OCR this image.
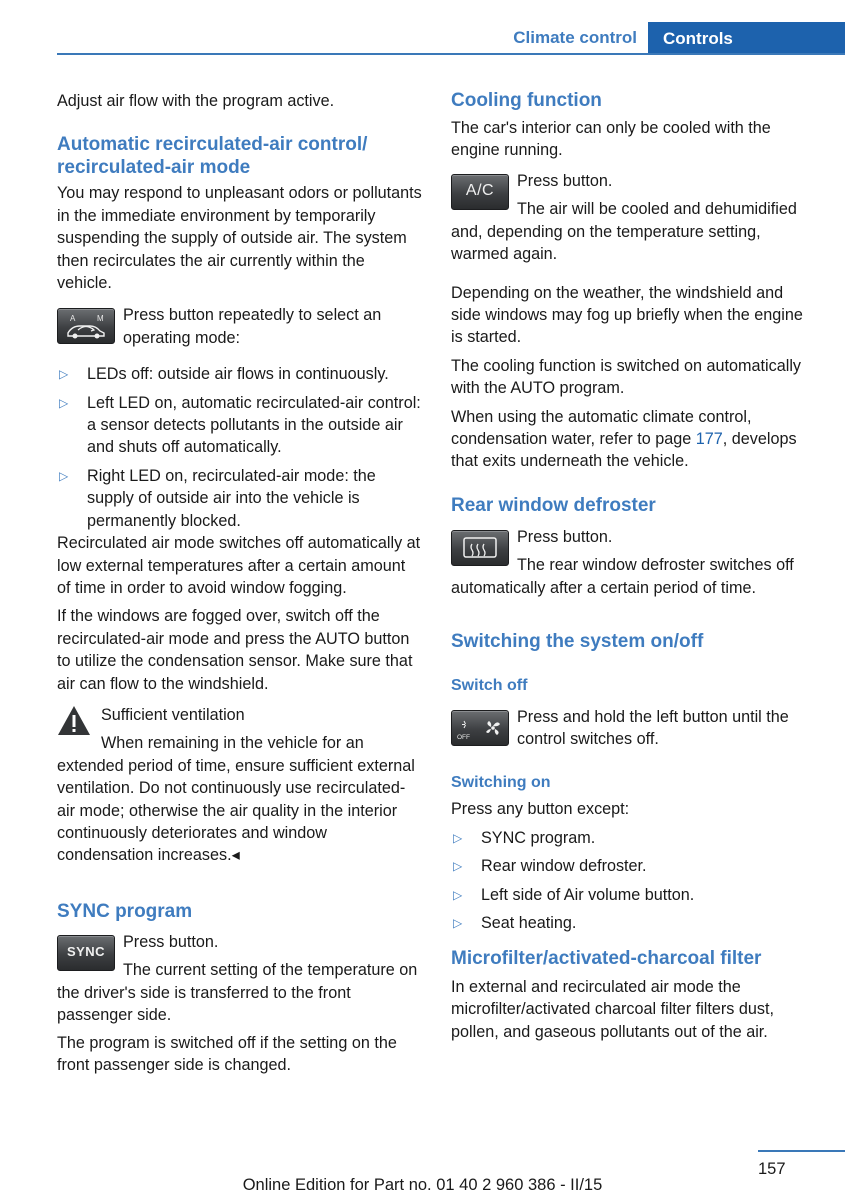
Climate control	Controls

Adjust air flow with the program active.

Automatic recirculated-air control/
recirculated-air mode

You may respond to unpleasant odors or pollutants in the immediate environment by temporarily suspending the supply of outside air. The system then recirculates the air currently within the vehicle.

A	M	Press button repeatedly to select an operating mode:
▷ LEDs off: outside air flows in continuously.
▷ Left LED on, automatic recirculated-air control: a sensor detects pollutants in the outside air and shuts off automatically.
▷ Right LED on, recirculated-air mode: the supply of outside air into the vehicle is permanently blocked.

Recirculated air mode switches off automatically at low external temperatures after a certain amount of time in order to avoid window fogging.

If the windows are fogged over, switch off the recirculated-air mode and press the AUTO button to utilize the condensation sensor. Make sure that air can flow to the windshield.

Sufficient ventilation

When remaining in the vehicle for an extended period of time, ensure sufficient external ventilation. Do not continuously use recirculated-air mode; otherwise the air quality in the interior continuously deteriorates and window condensation increases.◂

SYNC program
SYNC
Press button.

The current setting of the temperature on the driver's side is transferred to the front passenger side.

The program is switched off if the setting on the front passenger side is changed.

Cooling function

The car's interior can only be cooled with the engine running.

A/C
Press button.

The air will be cooled and dehumidified and, depending on the temperature setting, warmed again.

Depending on the weather, the windshield and side windows may fog up briefly when the engine is started.

The cooling function is switched on automatically with the AUTO program.

When using the automatic climate control, condensation water, refer to page 177, develops that exits underneath the vehicle.

Rear window defroster
Press button.

The rear window defroster switches off automatically after a certain period of time.

Switching the system on/off
Switch off
OFF
Press and hold the left button until the control switches off.
Switching on

Press any button except:

▷ SYNC program.
▷ Rear window defroster.
▷ Left side of Air volume button.
▷ Seat heating.
Microfilter/activated-charcoal filter

In external and recirculated air mode the microfilter/activated charcoal filter filters dust, pollen, and gaseous pollutants out of the air.

157
Online Edition for Part no. 01 40 2 960 386 - II/15
